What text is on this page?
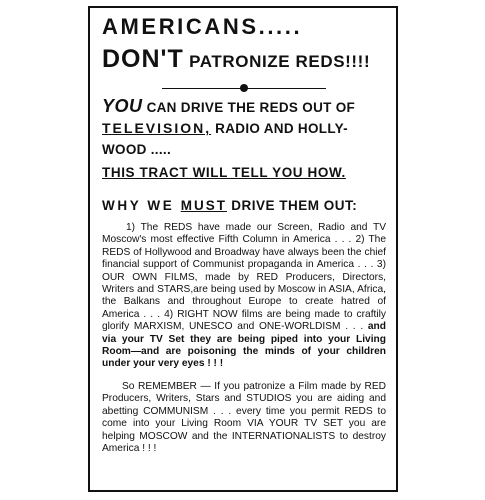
AMERICANS.....
DON'T PATRONIZE REDS!!!!
YOU CAN DRIVE THE REDS OUT OF
TELEVISION, RADIO AND HOLLY-
WOOD .....
THIS TRACT WILL TELL YOU HOW.
WHY WE MUST DRIVE THEM OUT:
1) The REDS have made our Screen, Radio and TV Moscow's most effective Fifth Column in America . . . 2) The REDS of Hollywood and Broadway have always been the chief financial support of Communist propaganda in America . . . 3) OUR OWN FILMS, made by RED Producers, Directors, Writers and STARS,are being used by Moscow in ASIA, Africa, the Balkans and throughout Europe to create hatred of America . . . 4) RIGHT NOW films are being made to craftily glorify MARXISM, UNESCO and ONE-WORLDISM . . . and via your TV Set they are being piped into your Living Room—and are poisoning the minds of your children under your very eyes ! ! !
So REMEMBER — If you patronize a Film made by RED Producers, Writers, Stars and STUDIOS you are aiding and abetting COMMUNISM . . . every time you permit REDS to come into your Living Room VIA YOUR TV SET you are helping MOSCOW and the INTERNATIONALISTS to destroy America ! ! !
